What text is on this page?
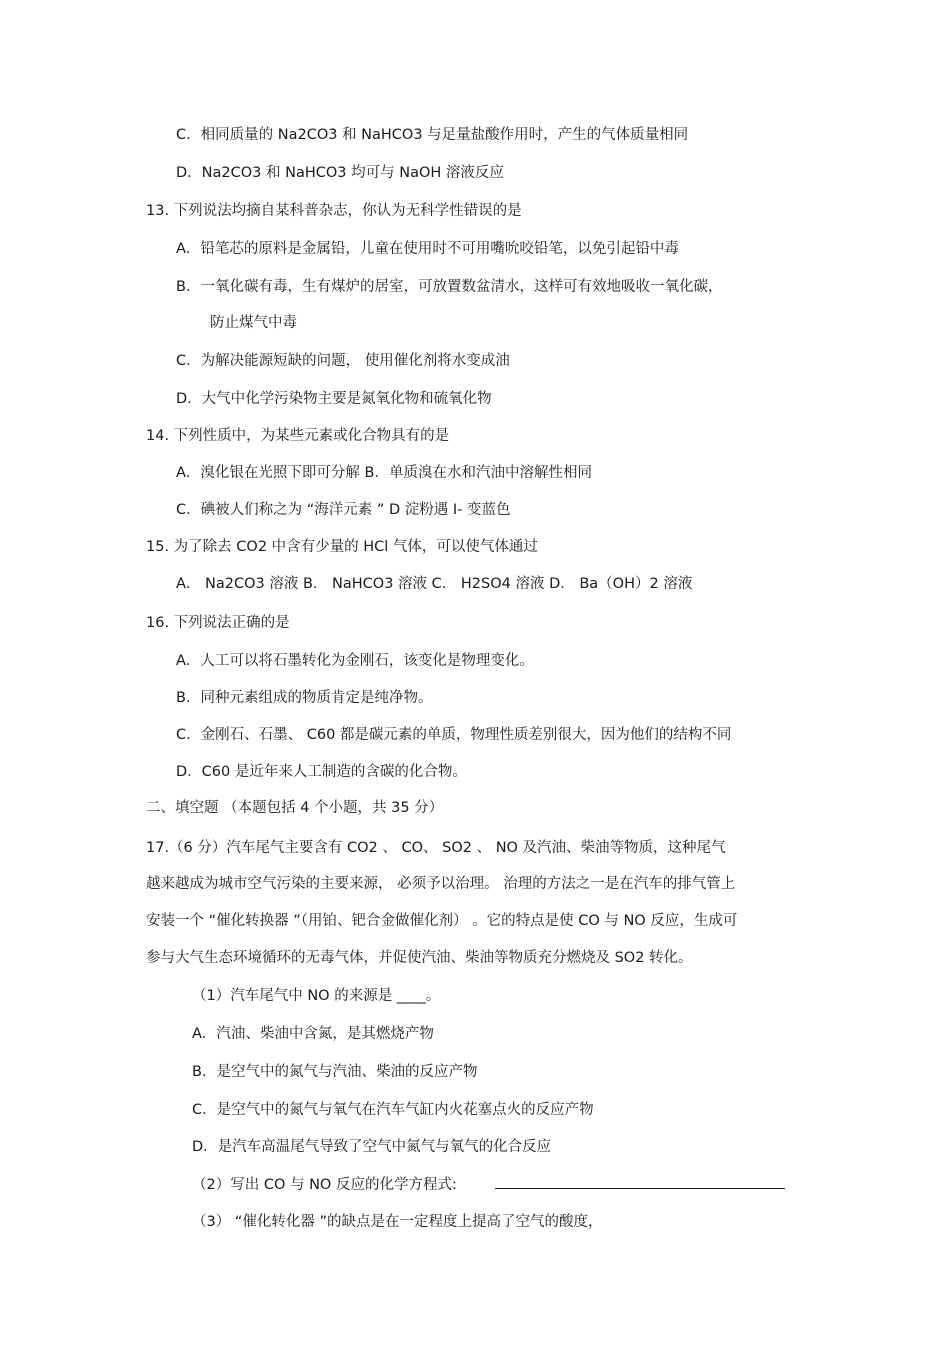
C．相同质量的 Na2CO3 和 NaHCO3 与足量盐酸作用时，产生的气体质量相同
D．Na2CO3 和 NaHCO3 均可与 NaOH 溶液反应
13. 下列说法均摘自某科普杂志，你认为无科学性错误的是
A．铅笔芯的原料是金属铅，儿童在使用时不可用嘴吮咬铅笔，以免引起铅中毒
B．一氧化碳有毒，生有煤炉的居室，可放置数盆清水，这样可有效地吸收一氧化碳，
防止煤气中毒
C．为解决能源短缺的问题， 使用催化剂将水变成油
D．大气中化学污染物主要是氮氧化物和硫氧化物
14. 下列性质中，为某些元素或化合物具有的是
A．溴化银在光照下即可分解 B．单质溴在水和汽油中溶解性相同
C．碘被人们称之为 “海洋元素 ” D 淀粉遇 I- 变蓝色
15. 为了除去 CO2 中含有少量的 HCl 气体，可以使气体通过
A． Na2CO3 溶液 B． NaHCO3 溶液 C． H2SO4 溶液 D． Ba（OH）2 溶液
16. 下列说法正确的是
A．人工可以将石墨转化为金刚石，该变化是物理变化。
B．同种元素组成的物质肯定是纯净物。
C．金刚石、石墨、 C60 都是碳元素的单质，物理性质差别很大，因为他们的结构不同
D．C60 是近年来人工制造的含碳的化合物。
二、填空题 （本题包括 4 个小题，共 35 分）
17.（6 分）汽车尾气主要含有 CO2 、 CO、 SO2 、 NO 及汽油、柴油等物质，这种尾气
越来越成为城市空气污染的主要来源， 必须予以治理。 治理的方法之一是在汽车的排气管上
安装一个 “催化转换器 ”（用铂、钯合金做催化剂） 。它的特点是使 CO 与 NO 反应，生成可
参与大气生态环境循环的无毒气体，并促使汽油、柴油等物质充分燃烧及 SO2 转化。
（1）汽车尾气中 NO 的来源是 ____。
A．汽油、柴油中含氮，是其燃烧产物
B．是空气中的氮气与汽油、柴油的反应产物
C．是空气中的氮气与氧气在汽车气缸内火花塞点火的反应产物
D．是汽车高温尾气导致了空气中氮气与氧气的化合反应
（2）写出 CO 与 NO 反应的化学方程式:
（3） “催化转化器 ”的缺点是在一定程度上提高了空气的酸度，
